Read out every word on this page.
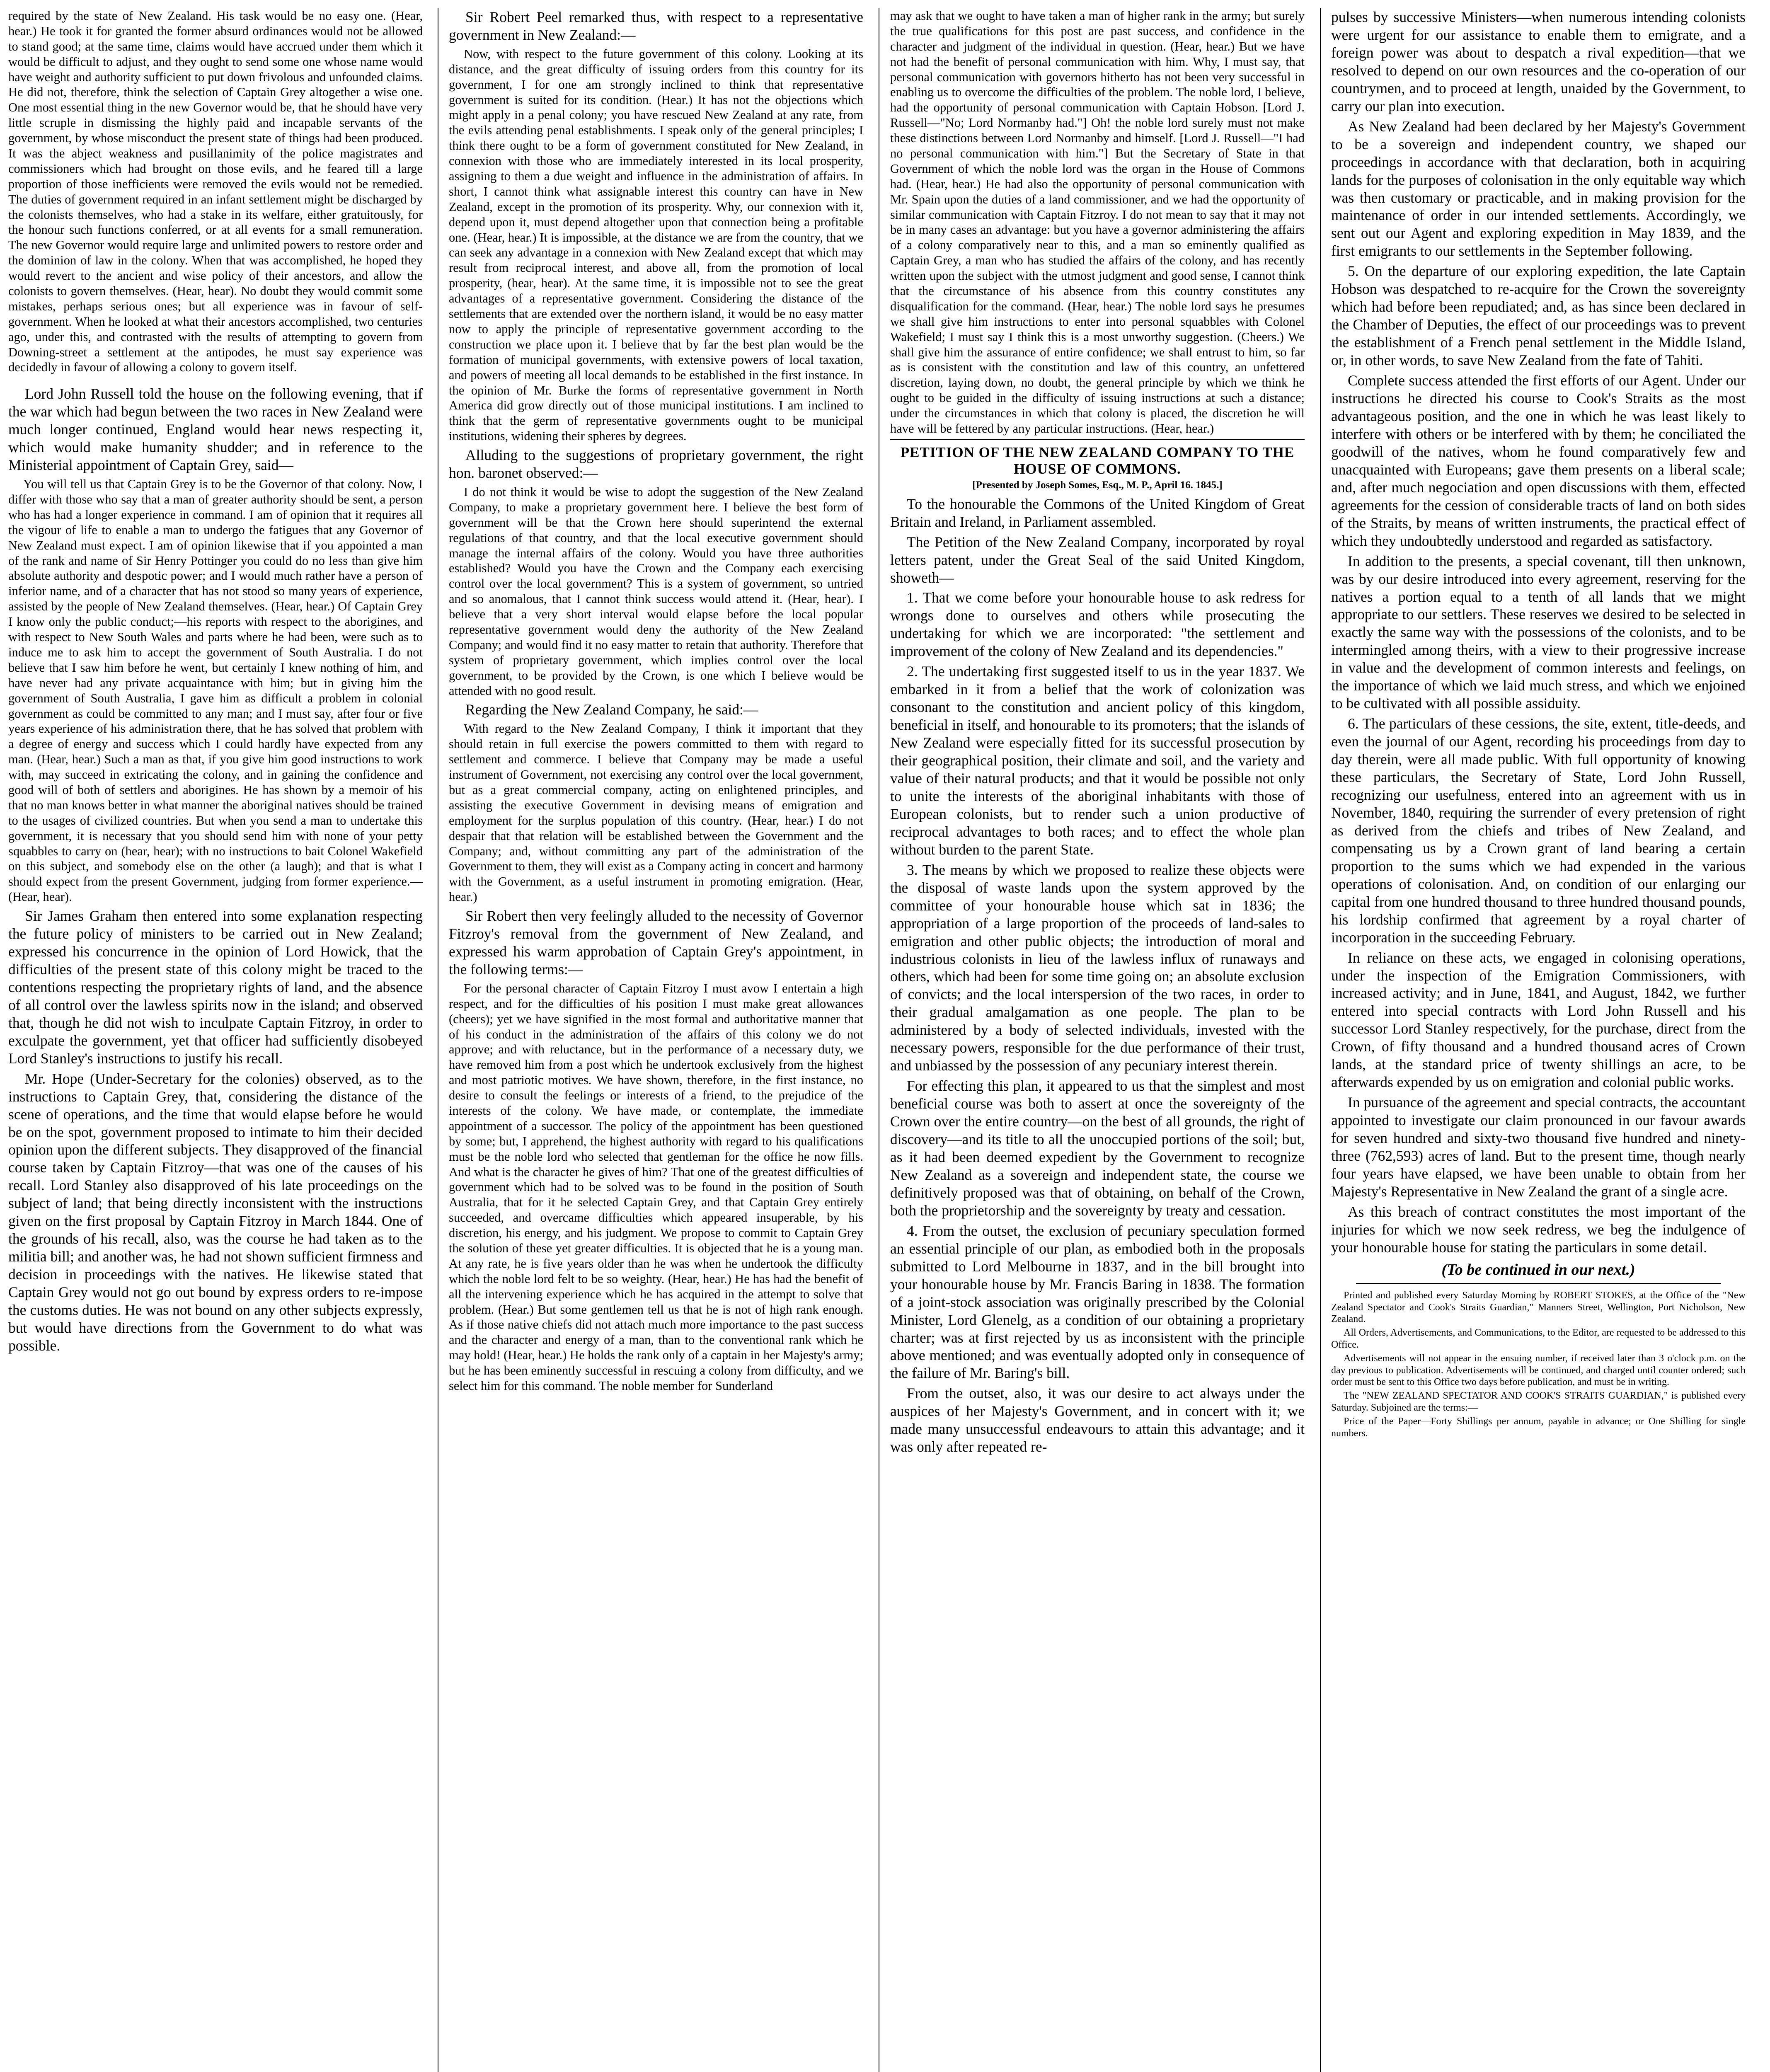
required by the state of New Zealand. His task would be no easy one. (Hear, hear.) He took it for granted the former absurd ordinances would not be allowed to stand good; at the same time, claims would have accrued under them which it would be difficult to adjust, and they ought to send some one whose name would have weight and authority sufficient to put down frivolous and unfounded claims. He did not, therefore, think the selection of Captain Grey altogether a wise one. One most essential thing in the new Governor would be, that he should have very little scruple in dismissing the highly paid and incapable servants of the government, by whose misconduct the present state of things had been produced. It was the abject weakness and pusillanimity of the police magistrates and commissioners which had brought on those evils, and he feared till a large proportion of those inefficients were removed the evils would not be remedied. The duties of government required in an infant settlement might be discharged by the colonists themselves, who had a stake in its welfare, either gratuitously, for the honour such functions conferred, or at all events for a small remuneration. The new Governor would require large and unlimited powers to restore order and the dominion of law in the colony. When that was accomplished, he hoped they would revert to the ancient and wise policy of their ancestors, and allow the colonists to govern themselves. (Hear, hear). No doubt they would commit some mistakes, perhaps serious ones; but all experience was in favour of self-government. When he looked at what their ancestors accomplished, two centuries ago, under this, and contrasted with the results of attempting to govern from Downing-street a settlement at the antipodes, he must say experience was decidedly in favour of allowing a colony to govern itself.

Lord John Russell told the house on the following evening, that if the war which had begun between the two races in New Zealand were much longer continued, England would hear news respecting it, which would make humanity shudder; and in reference to the Ministerial appointment of Captain Grey, said—

You will tell us that Captain Grey is to be the Governor of that colony. Now, I differ with those who say that a man of greater authority should be sent, a person who has had a longer experience in command. I am of opinion that it requires all the vigour of life to enable a man to undergo the fatigues that any Governor of New Zealand must expect. I am of opinion likewise that if you appointed a man of the rank and name of Sir Henry Pottinger you could do no less than give him absolute authority and despotic power; and I would much rather have a person of inferior name, and of a character that has not stood so many years of experience, assisted by the people of New Zealand themselves. (Hear, hear.) Of Captain Grey I know only the public conduct;—his reports with respect to the aborigines, and with respect to New South Wales and parts where he had been, were such as to induce me to ask him to accept the government of South Australia. I do not believe that I saw him before he went, but certainly I knew nothing of him, and have never had any private acquaintance with him; but in giving him the government of South Australia, I gave him as difficult a problem in colonial government as could be committed to any man; and I must say, after four or five years experience of his administration there, that he has solved that problem with a degree of energy and success which I could hardly have expected from any man. (Hear, hear.) Such a man as that, if you give him good instructions to work with, may succeed in extricating the colony, and in gaining the confidence and good will of both of settlers and aborigines. He has shown by a memoir of his that no man knows better in what manner the aboriginal natives should be trained to the usages of civilized countries. But when you send a man to undertake this government, it is necessary that you should send him with none of your petty squabbles to carry on (hear, hear); with no instructions to bait Colonel Wakefield on this subject, and somebody else on the other (a laugh); and that is what I should expect from the present Government, judging from former experience.—(Hear, hear).

Sir James Graham then entered into some explanation respecting the future policy of ministers to be carried out in New Zealand; expressed his concurrence in the opinion of Lord Howick, that the difficulties of the present state of this colony might be traced to the contentions respecting the proprietary rights of land, and the absence of all control over the lawless spirits now in the island; and observed that, though he did not wish to inculpate Captain Fitzroy, in order to exculpate the government, yet that officer had sufficiently disobeyed Lord Stanley's instructions to justify his recall.

Mr. Hope (Under-Secretary for the colonies) observed, as to the instructions to Captain Grey, that, considering the distance of the scene of operations, and the time that would elapse before he would be on the spot, government proposed to intimate to him their decided opinion upon the different subjects. They disapproved of the financial course taken by Captain Fitzroy—that was one of the causes of his recall. Lord Stanley also disapproved of his late proceedings on the subject of land; that being directly inconsistent with the instructions given on the first proposal by Captain Fitzroy in March 1844. One of the grounds of his recall, also, was the course he had taken as to the militia bill; and another was, he had not shown sufficient firmness and decision in proceedings with the natives. He likewise stated that Captain Grey would not go out bound by express orders to re-impose the customs duties. He was not bound on any other subjects expressly, but would have directions from the Government to do what was possible.

Sir Robert Peel remarked thus, with respect to a representative government in New Zealand:—

Now, with respect to the future government of this colony. Looking at its distance, and the great difficulty of issuing orders from this country for its government, I for one am strongly inclined to think that representative government is suited for its condition. (Hear.) It has not the objections which might apply in a penal colony; you have rescued New Zealand at any rate, from the evils attending penal establishments. I speak only of the general principles; I think there ought to be a form of government constituted for New Zealand, in connexion with those who are immediately interested in its local prosperity, assigning to them a due weight and influence in the administration of affairs. In short, I cannot think what assignable interest this country can have in New Zealand, except in the promotion of its prosperity. Why, our connexion with it, depend upon it, must depend altogether upon that connection being a profitable one. (Hear, hear.) It is impossible, at the distance we are from the country, that we can seek any advantage in a connexion with New Zealand except that which may result from reciprocal interest, and above all, from the promotion of local prosperity, (hear, hear). At the same time, it is impossible not to see the great advantages of a representative government. Considering the distance of the settlements that are extended over the northern island, it would be no easy matter now to apply the principle of representative government according to the construction we place upon it. I believe that by far the best plan would be the formation of municipal governments, with extensive powers of local taxation, and powers of meeting all local demands to be established in the first instance. In the opinion of Mr. Burke the forms of representative government in North America did grow directly out of those municipal institutions. I am inclined to think that the germ of representative governments ought to be municipal institutions, widening their spheres by degrees.

Alluding to the suggestions of proprietary government, the right hon. baronet observed:—

I do not think it would be wise to adopt the suggestion of the New Zealand Company, to make a proprietary government here. I believe the best form of government will be that the Crown here should superintend the external regulations of that country, and that the local executive government should manage the internal affairs of the colony. Would you have three authorities established? Would you have the Crown and the Company each exercising control over the local government? This is a system of government, so untried and so anomalous, that I cannot think success would attend it. (Hear, hear). I believe that a very short interval would elapse before the local popular representative government would deny the authority of the New Zealand Company; and would find it no easy matter to retain that authority. Therefore that system of proprietary government, which implies control over the local government, to be provided by the Crown, is one which I believe would be attended with no good result.

Regarding the New Zealand Company, he said:—

With regard to the New Zealand Company, I think it important that they should retain in full exercise the powers committed to them with regard to settlement and commerce. I believe that Company may be made a useful instrument of Government, not exercising any control over the local government, but as a great commercial company, acting on enlightened principles, and assisting the executive Government in devising means of emigration and employment for the surplus population of this country. (Hear, hear.) I do not despair that that relation will be established between the Government and the Company; and, without committing any part of the administration of the Government to them, they will exist as a Company acting in concert and harmony with the Government, as a useful instrument in promoting emigration. (Hear, hear.)

Sir Robert then very feelingly alluded to the necessity of Governor Fitzroy's removal from the government of New Zealand, and expressed his warm approbation of Captain Grey's appointment, in the following terms:—

For the personal character of Captain Fitzroy I must avow I entertain a high respect, and for the difficulties of his position I must make great allowances (cheers); yet we have signified in the most formal and authoritative manner that of his conduct in the administration of the affairs of this colony we do not approve; and with reluctance, but in the performance of a necessary duty, we have removed him from a post which he undertook exclusively from the highest and most patriotic motives. We have shown, therefore, in the first instance, no desire to consult the feelings or interests of a friend, to the prejudice of the interests of the colony. We have made, or contemplate, the immediate appointment of a successor. The policy of the appointment has been questioned by some; but, I apprehend, the highest authority with regard to his qualifications must be the noble lord who selected that gentleman for the office he now fills. And what is the character he gives of him? That one of the greatest difficulties of government which had to be solved was to be found in the position of South Australia, that for it he selected Captain Grey, and that Captain Grey entirely succeeded, and overcame difficulties which appeared insuperable, by his discretion, his energy, and his judgment. We propose to commit to Captain Grey the solution of these yet greater difficulties. It is objected that he is a young man. At any rate, he is five years older than he was when he undertook the difficulty which the noble lord felt to be so weighty. (Hear, hear.) He has had the benefit of all the intervening experience which he has acquired in the attempt to solve that problem. (Hear.) But some gentlemen tell us that he is not of high rank enough. As if those native chiefs did not attach much more importance to the past success and the character and energy of a man, than to the conventional rank which he may hold! (Hear, hear.) He holds the rank only of a captain in her Majesty's army; but he has been eminently successful in rescuing a colony from difficulty, and we select him for this command. The noble member for Sunderland

may ask that we ought to have taken a man of higher rank in the army; but surely the true qualifications for this post are past success, and confidence in the character and judgment of the individual in question. (Hear, hear.) But we have not had the benefit of personal communication with him. Why, I must say, that personal communication with governors hitherto has not been very successful in enabling us to overcome the difficulties of the problem. The noble lord, I believe, had the opportunity of personal communication with Captain Hobson. [Lord J. Russell—"No; Lord Normanby had."] Oh! the noble lord surely must not make these distinctions between Lord Normanby and himself. [Lord J. Russell—"I had no personal communication with him."] But the Secretary of State in that Government of which the noble lord was the organ in the House of Commons had. (Hear, hear.) He had also the opportunity of personal communication with Mr. Spain upon the duties of a land commissioner, and we had the opportunity of similar communication with Captain Fitzroy. I do not mean to say that it may not be in many cases an advantage: but you have a governor administering the affairs of a colony comparatively near to this, and a man so eminently qualified as Captain Grey, a man who has studied the affairs of the colony, and has recently written upon the subject with the utmost judgment and good sense, I cannot think that the circumstance of his absence from this country constitutes any disqualification for the command. (Hear, hear.) The noble lord says he presumes we shall give him instructions to enter into personal squabbles with Colonel Wakefield; I must say I think this is a most unworthy suggestion. (Cheers.) We shall give him the assurance of entire confidence; we shall entrust to him, so far as is consistent with the constitution and law of this country, an unfettered discretion, laying down, no doubt, the general principle by which we think he ought to be guided in the difficulty of issuing instructions at such a distance; under the circumstances in which that colony is placed, the discretion he will have will be fettered by any particular instructions. (Hear, hear.)

PETITION OF THE NEW ZEALAND COMPANY TO THE HOUSE OF COMMONS.
[Presented by Joseph Somes, Esq., M. P., April 16. 1845.]

To the honourable the Commons of the United Kingdom of Great Britain and Ireland, in Parliament assembled.

The Petition of the New Zealand Company, incorporated by royal letters patent, under the Great Seal of the said United Kingdom, showeth—

1. That we come before your honourable house to ask redress for wrongs done to ourselves and others while prosecuting the undertaking for which we are incorporated: "the settlement and improvement of the colony of New Zealand and its dependencies."

2. The undertaking first suggested itself to us in the year 1837. We embarked in it from a belief that the work of colonization was consonant to the constitution and ancient policy of this kingdom, beneficial in itself, and honourable to its promoters; that the islands of New Zealand were especially fitted for its successful prosecution by their geographical position, their climate and soil, and the variety and value of their natural products; and that it would be possible not only to unite the interests of the aboriginal inhabitants with those of European colonists, but to render such a union productive of reciprocal advantages to both races; and to effect the whole plan without burden to the parent State.

3. The means by which we proposed to realize these objects were the disposal of waste lands upon the system approved by the committee of your honourable house which sat in 1836; the appropriation of a large proportion of the proceeds of land-sales to emigration and other public objects; the introduction of moral and industrious colonists in lieu of the lawless influx of runaways and others, which had been for some time going on; an absolute exclusion of convicts; and the local interspersion of the two races, in order to their gradual amalgamation as one people. The plan to be administered by a body of selected individuals, invested with the necessary powers, responsible for the due performance of their trust, and unbiassed by the possession of any pecuniary interest therein.

For effecting this plan, it appeared to us that the simplest and most beneficial course was both to assert at once the sovereignty of the Crown over the entire country—on the best of all grounds, the right of discovery—and its title to all the unoccupied portions of the soil; but, as it had been deemed expedient by the Government to recognize New Zealand as a sovereign and independent state, the course we definitively proposed was that of obtaining, on behalf of the Crown, both the proprietorship and the sovereignty by treaty and cessation.

4. From the outset, the exclusion of pecuniary speculation formed an essential principle of our plan, as embodied both in the proposals submitted to Lord Melbourne in 1837, and in the bill brought into your honourable house by Mr. Francis Baring in 1838. The formation of a joint-stock association was originally prescribed by the Colonial Minister, Lord Glenelg, as a condition of our obtaining a proprietary charter; was at first rejected by us as inconsistent with the principle above mentioned; and was eventually adopted only in consequence of the failure of Mr. Baring's bill.

From the outset, also, it was our desire to act always under the auspices of her Majesty's Government, and in concert with it; we made many unsuccessful endeavours to attain this advantage; and it was only after repeated re-

pulses by successive Ministers—when numerous intending colonists were urgent for our assistance to enable them to emigrate, and a foreign power was about to despatch a rival expedition—that we resolved to depend on our own resources and the co-operation of our countrymen, and to proceed at length, unaided by the Government, to carry our plan into execution.

As New Zealand had been declared by her Majesty's Government to be a sovereign and independent country, we shaped our proceedings in accordance with that declaration, both in acquiring lands for the purposes of colonisation in the only equitable way which was then customary or practicable, and in making provision for the maintenance of order in our intended settlements. Accordingly, we sent out our Agent and exploring expedition in May 1839, and the first emigrants to our settlements in the September following.

5. On the departure of our exploring expedition, the late Captain Hobson was despatched to re-acquire for the Crown the sovereignty which had before been repudiated; and, as has since been declared in the Chamber of Deputies, the effect of our proceedings was to prevent the establishment of a French penal settlement in the Middle Island, or, in other words, to save New Zealand from the fate of Tahiti.

Complete success attended the first efforts of our Agent. Under our instructions he directed his course to Cook's Straits as the most advantageous position, and the one in which he was least likely to interfere with others or be interfered with by them; he conciliated the goodwill of the natives, whom he found comparatively few and unacquainted with Europeans; gave them presents on a liberal scale; and, after much negociation and open discussions with them, effected agreements for the cession of considerable tracts of land on both sides of the Straits, by means of written instruments, the practical effect of which they undoubtedly understood and regarded as satisfactory.

In addition to the presents, a special covenant, till then unknown, was by our desire introduced into every agreement, reserving for the natives a portion equal to a tenth of all lands that we might appropriate to our settlers. These reserves we desired to be selected in exactly the same way with the possessions of the colonists, and to be intermingled among theirs, with a view to their progressive increase in value and the development of common interests and feelings, on the importance of which we laid much stress, and which we enjoined to be cultivated with all possible assiduity.

6. The particulars of these cessions, the site, extent, title-deeds, and even the journal of our Agent, recording his proceedings from day to day therein, were all made public. With full opportunity of knowing these particulars, the Secretary of State, Lord John Russell, recognizing our usefulness, entered into an agreement with us in November, 1840, requiring the surrender of every pretension of right as derived from the chiefs and tribes of New Zealand, and compensating us by a Crown grant of land bearing a certain proportion to the sums which we had expended in the various operations of colonisation. And, on condition of our enlarging our capital from one hundred thousand to three hundred thousand pounds, his lordship confirmed that agreement by a royal charter of incorporation in the succeeding February.

In reliance on these acts, we engaged in colonising operations, under the inspection of the Emigration Commissioners, with increased activity; and in June, 1841, and August, 1842, we further entered into special contracts with Lord John Russell and his successor Lord Stanley respectively, for the purchase, direct from the Crown, of fifty thousand and a hundred thousand acres of Crown lands, at the standard price of twenty shillings an acre, to be afterwards expended by us on emigration and colonial public works.

In pursuance of the agreement and special contracts, the accountant appointed to investigate our claim pronounced in our favour awards for seven hundred and sixty-two thousand five hundred and ninety-three (762,593) acres of land. But to the present time, though nearly four years have elapsed, we have been unable to obtain from her Majesty's Representative in New Zealand the grant of a single acre.

As this breach of contract constitutes the most important of the injuries for which we now seek redress, we beg the indulgence of your honourable house for stating the particulars in some detail.

(To be continued in our next.)

Printed and published every Saturday Morning by ROBERT STOKES, at the Office of the "New Zealand Spectator and Cook's Straits Guardian," Manners Street, Wellington, Port Nicholson, New Zealand.

All Orders, Advertisements, and Communications, to the Editor, are requested to be addressed to this Office.

Advertisements will not appear in the ensuing number, if received later than 3 o'clock p.m. on the day previous to publication. Advertisements will be continued, and charged until counter ordered; such order must be sent to this Office two days before publication, and must be in writing.

The "NEW ZEALAND SPECTATOR AND COOK'S STRAITS GUARDIAN," is published every Saturday. Subjoined are the terms:—

Price of the Paper—Forty Shillings per annum, payable in advance; or One Shilling for single numbers.
